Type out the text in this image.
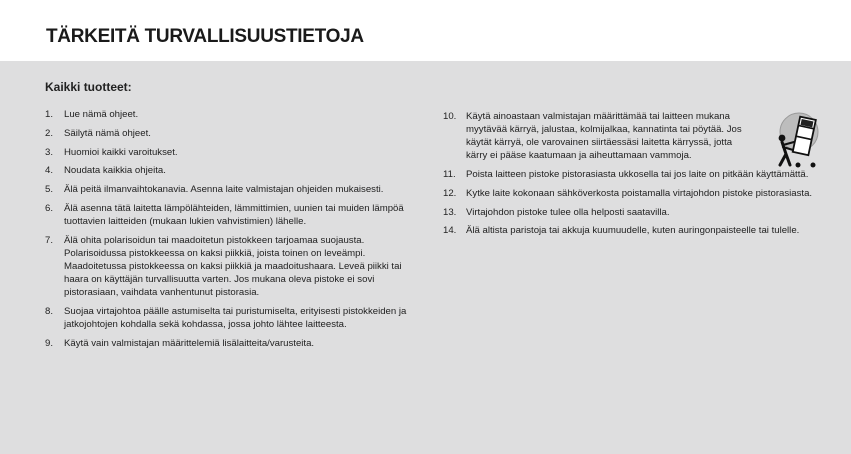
TÄRKEITÄ TURVALLISUUSTIETOJA
Kaikki tuotteet:
1. Lue nämä ohjeet.
2. Säilytä nämä ohjeet.
3. Huomioi kaikki varoitukset.
4. Noudata kaikkia ohjeita.
5. Älä peitä ilmanvaihtokanavia. Asenna laite valmistajan ohjeiden mukaisesti.
6. Älä asenna tätä laitetta lämpölähteiden, lämmittimien, uunien tai muiden lämpöä tuottavien laitteiden (mukaan lukien vahvistimien) lähelle.
7. Älä ohita polarisoidun tai maadoitetun pistokkeen tarjoamaa suojausta. Polarisoidussa pistokkeessa on kaksi piikkiä, joista toinen on leveämpi. Maadoitetussa pistokkeessa on kaksi piikkiä ja maadoitushaara. Leveä piikki tai haara on käyttäjän turvallisuutta varten. Jos mukana oleva pistoke ei sovi pistorasiaan, vaihdata vanhentunut pistorasia.
8. Suojaa virtajohtoa päälle astumiselta tai puristumiselta, erityisesti pistokkeiden ja jatkojohtojen kohdalla sekä kohdassa, jossa johto lähtee laitteesta.
9. Käytä vain valmistajan määrittelemiä lisälaitteita/varusteita.
10. Käytä ainoastaan valmistajan määrittämää tai laitteen mukana myytävää kärryä, jalustaa, kolmijalkaa, kannatinta tai pöytää. Jos käytät kärryä, ole varovainen siirtäessäsi laitetta kärryssä, jotta kärry ei pääse kaatumaan ja aiheuttamaan vammoja.
11. Poista laitteen pistoke pistorasiasta ukkosella tai jos laite on pitkään käyttämättä.
12. Kytke laite kokonaan sähköverkosta poistamalla virtajohdon pistoke pistorasiasta.
13. Virtajohdon pistoke tulee olla helposti saatavilla.
14. Älä altista paristoja tai akkuja kuumuudelle, kuten auringonpaisteelle tai tulelle.
